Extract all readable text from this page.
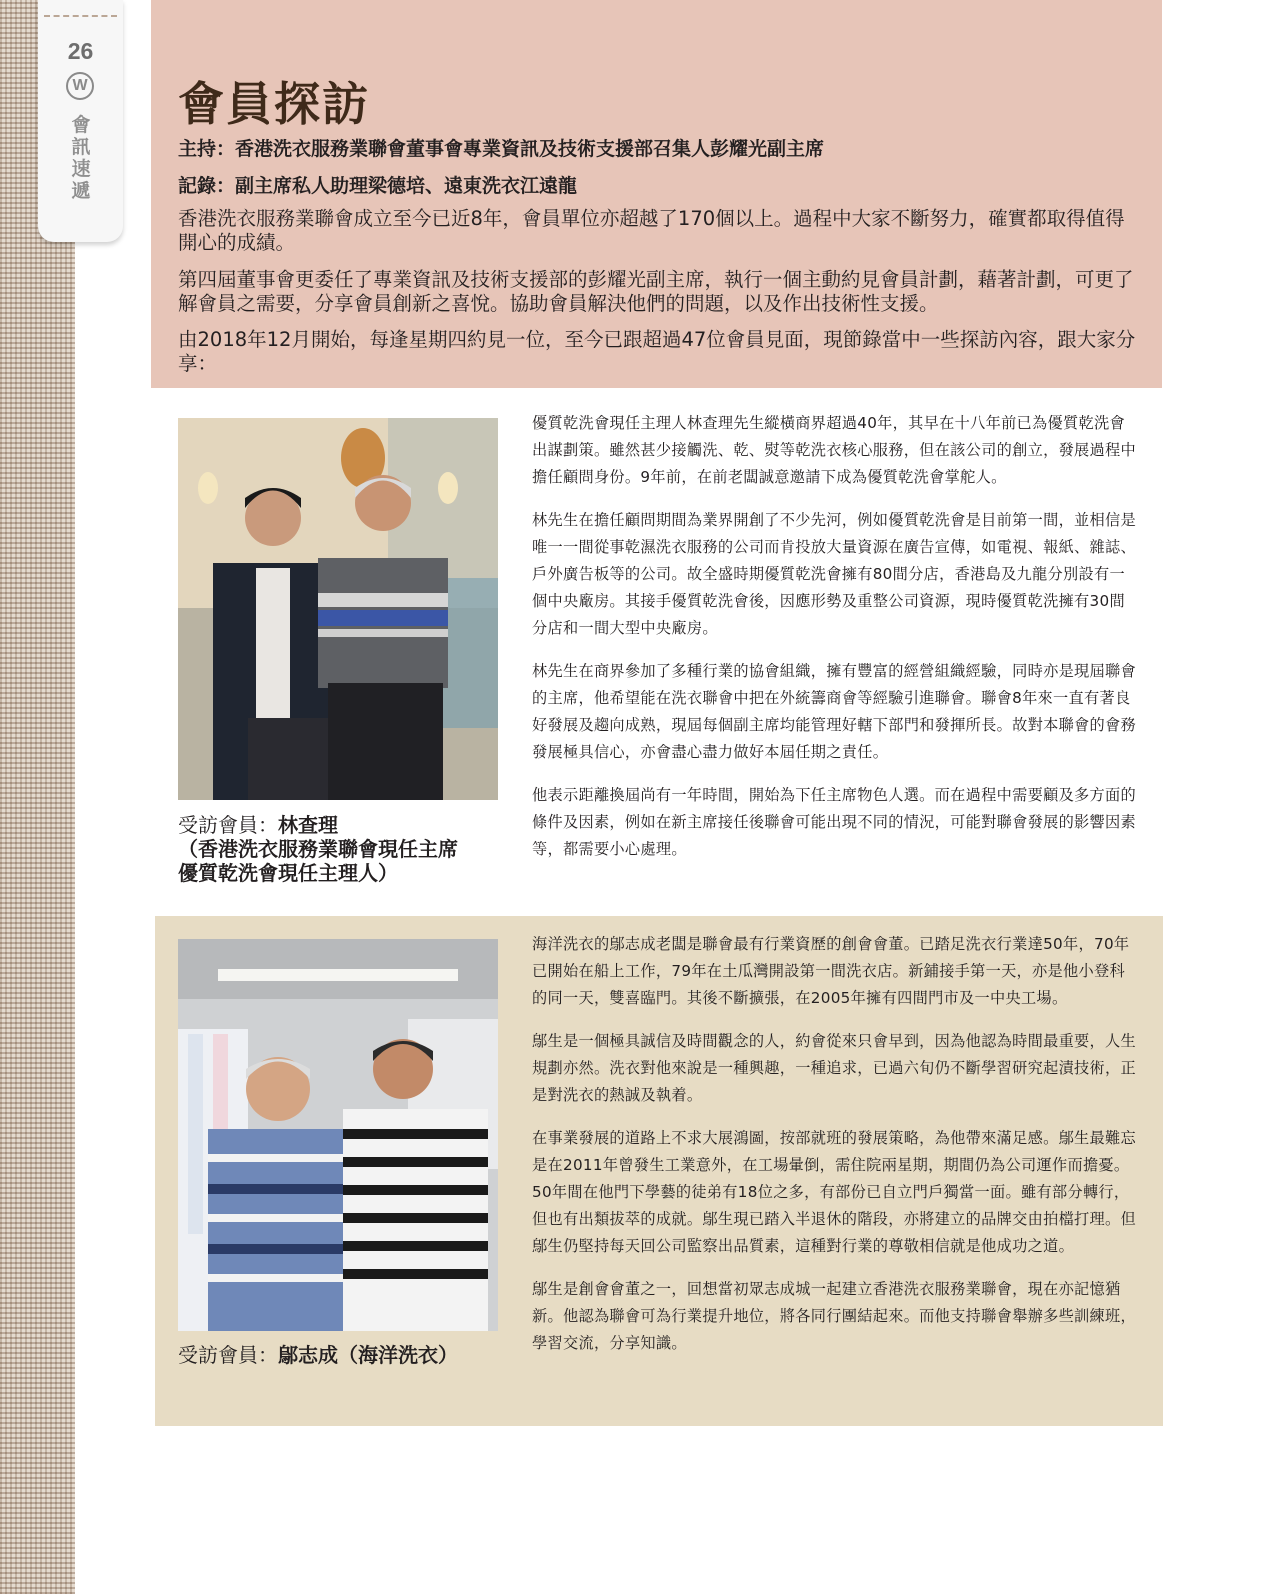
26
W
會訊速遞
會員探訪
主持：香港洗衣服務業聯會董事會專業資訊及技術支援部召集人彭耀光副主席
記錄：副主席私人助理梁德培、遠東洗衣江遠龍

香港洗衣服務業聯會成立至今已近8年，會員單位亦超越了170個以上。過程中大家不斷努力，確實都取得值得開心的成績。

第四屆董事會更委任了專業資訊及技術支援部的彭耀光副主席，執行一個主動約見會員計劃，藉著計劃，可更了解會員之需要，分享會員創新之喜悅。協助會員解決他們的問題，以及作出技術性支援。

由2018年12月開始，每逢星期四約見一位，至今已跟超過47位會員見面，現節錄當中一些探訪內容，跟大家分享：

受訪會員：林查理
（香港洗衣服務業聯會現任主席
優質乾洗會現任主理人）

優質乾洗會現任主理人林查理先生縱橫商界超過40年，其早在十八年前已為優質乾洗會出謀劃策。雖然甚少接觸洗、乾、熨等乾洗衣核心服務，但在該公司的創立，發展過程中擔任顧問身份。9年前，在前老闆誠意邀請下成為優質乾洗會掌舵人。

林先生在擔任顧問期間為業界開創了不少先河，例如優質乾洗會是目前第一間，並相信是唯一一間從事乾濕洗衣服務的公司而肯投放大量資源在廣告宣傳，如電視、報紙、雜誌、戶外廣告板等的公司。故全盛時期優質乾洗會擁有80間分店，香港島及九龍分別設有一個中央廠房。其接手優質乾洗會後，因應形勢及重整公司資源，現時優質乾洗擁有30間分店和一間大型中央廠房。

林先生在商界參加了多種行業的協會組織，擁有豐富的經營組織經驗，同時亦是現屆聯會的主席，他希望能在洗衣聯會中把在外統籌商會等經驗引進聯會。聯會8年來一直有著良好發展及趨向成熟，現屆每個副主席均能管理好轄下部門和發揮所長。故對本聯會的會務發展極具信心，亦會盡心盡力做好本屆任期之責任。

他表示距離換屆尚有一年時間，開始為下任主席物色人選。而在過程中需要顧及多方面的條件及因素，例如在新主席接任後聯會可能出現不同的情況，可能對聯會發展的影響因素等，都需要小心處理。

受訪會員：鄔志成（海洋洗衣）

海洋洗衣的鄔志成老闆是聯會最有行業資歷的創會會董。已踏足洗衣行業達50年，70年已開始在船上工作，79年在土瓜灣開設第一間洗衣店。新鋪接手第一天，亦是他小登科的同一天，雙喜臨門。其後不斷擴張，在2005年擁有四間門市及一中央工場。

鄔生是一個極具誠信及時間觀念的人，約會從來只會早到，因為他認為時間最重要，人生規劃亦然。洗衣對他來說是一種興趣，一種追求，已過六旬仍不斷學習研究起漬技術，正是對洗衣的熱誠及執着。

在事業發展的道路上不求大展鴻圖，按部就班的發展策略，為他帶來滿足感。鄔生最難忘是在2011年曾發生工業意外，在工場暈倒，需住院兩星期，期間仍為公司運作而擔憂。50年間在他門下學藝的徒弟有18位之多，有部份已自立門戶獨當一面。雖有部分轉行，但也有出類拔萃的成就。鄔生現已踏入半退休的階段，亦將建立的品牌交由拍檔打理。但鄔生仍堅持每天回公司監察出品質素，這種對行業的尊敬相信就是他成功之道。

鄔生是創會會董之一，回想當初眾志成城一起建立香港洗衣服務業聯會，現在亦記憶猶新。他認為聯會可為行業提升地位，將各同行團結起來。而他支持聯會舉辦多些訓練班，學習交流，分享知識。
